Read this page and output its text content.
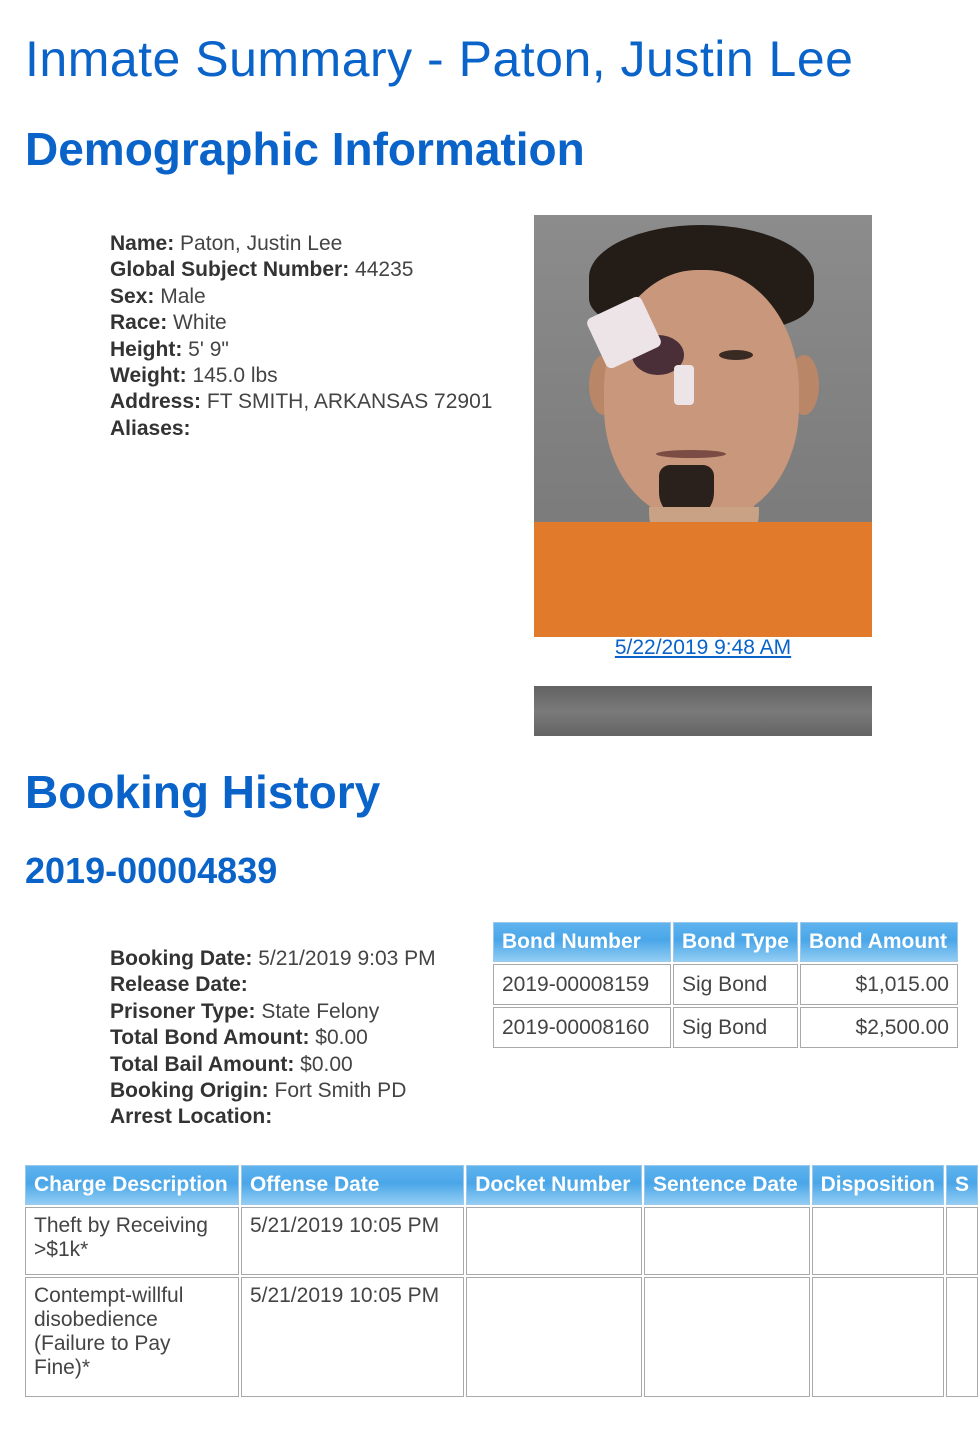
Inmate Summary - Paton, Justin Lee
Demographic Information
Name: Paton, Justin Lee
Global Subject Number: 44235
Sex: Male
Race: White
Height: 5' 9"
Weight: 145.0 lbs
Address: FT SMITH, ARKANSAS 72901
Aliases:
5/22/2019 9:48 AM
Booking History
2019-00004839
Booking Date: 5/21/2019 9:03 PM
Release Date:
Prisoner Type: State Felony
Total Bond Amount: $0.00
Total Bail Amount: $0.00
Booking Origin: Fort Smith PD
Arrest Location:
Bond Number	Bond Type	Bond Amount
2019-00008159	Sig Bond	$1,015.00
2019-00008160	Sig Bond	$2,500.00
Charge Description	Offense Date	Docket Number	Sentence Date	Disposition	S
Theft by Receiving >$1k*	5/21/2019 10:05 PM				
Contempt-willful disobedience (Failure to Pay Fine)*	5/21/2019 10:05 PM				
